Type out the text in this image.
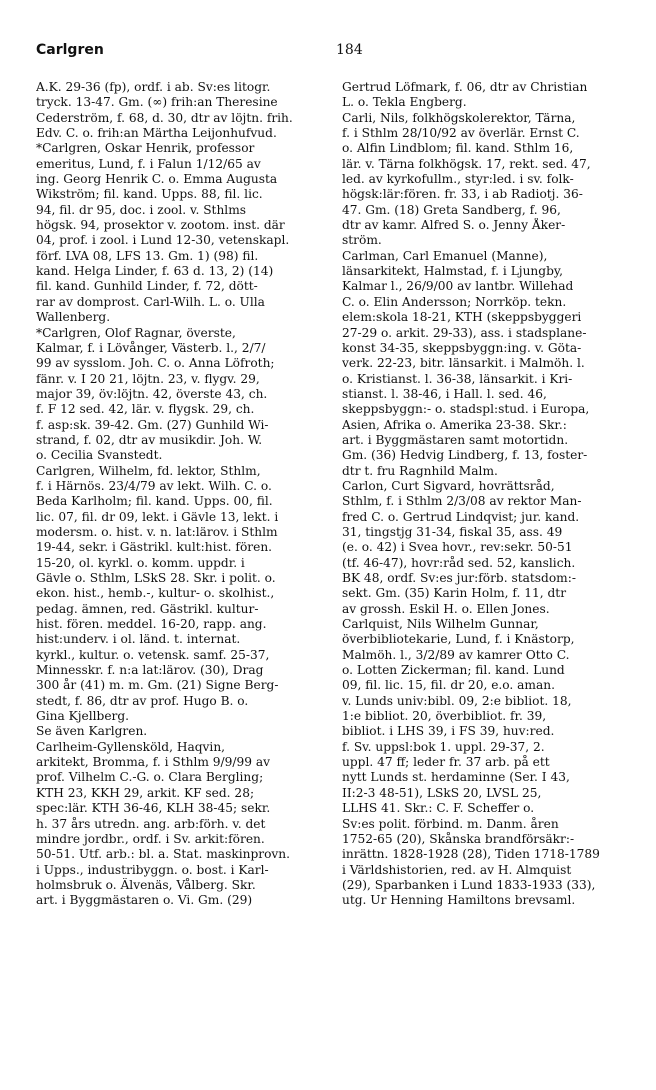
Carlgren	184
A.K. 29-36 (fp), ordf. i ab. Sv:es litogr.
tryck. 13-47. Gm. (∞) frih:an Theresine
Cederström, f. 68, d. 30, dtr av löjtn. frih.
Edv. C. o. frih:an Märtha Leijonhufvud.
*Carlgren, Oskar Henrik, professor
emeritus, Lund, f. i Falun 1/12/65 av
ing. Georg Henrik C. o. Emma Augusta
Wikström; fil. kand. Upps. 88, fil. lic.
94, fil. dr 95, doc. i zool. v. Sthlms
högsk. 94, prosektor v. zootom. inst. där
04, prof. i zool. i Lund 12-30, vetenskapl.
förf. LVA 08, LFS 13. Gm. 1) (98) fil.
kand. Helga Linder, f. 63 d. 13, 2) (14)
fil. kand. Gunhild Linder, f. 72, dött-
rar av domprost. Carl-Wilh. L. o. Ulla
Wallenberg.
*Carlgren, Olof Ragnar, överste,
Kalmar, f. i Lövånger, Västerb. l., 2/7/
99 av sysslom. Joh. C. o. Anna Löfroth;
fänr. v. I 20 21, löjtn. 23, v. flygv. 29,
major 39, öv:löjtn. 42, överste 43, ch.
f. F 12 sed. 42, lär. v. flygsk. 29, ch.
f. asp:sk. 39-42. Gm. (27) Gunhild Wi-
strand, f. 02, dtr av musikdir. Joh. W.
o. Cecilia Svanstedt.
Carlgren, Wilhelm, fd. lektor, Sthlm,
f. i Härnös. 23/4/79 av lekt. Wilh. C. o.
Beda Karlholm; fil. kand. Upps. 00, fil.
lic. 07, fil. dr 09, lekt. i Gävle 13, lekt. i
modersm. o. hist. v. n. lat:lärov. i Sthlm
19-44, sekr. i Gästrikl. kult:hist. fören.
15-20, ol. kyrkl. o. komm. uppdr. i
Gävle o. Sthlm, LSkS 28. Skr. i polit. o.
ekon. hist., hemb.-, kultur- o. skolhist.,
pedag. ämnen, red. Gästrikl. kultur-
hist. fören. meddel. 16-20, rapp. ang.
hist:underv. i ol. länd. t. internat.
kyrkl., kultur. o. vetensk. samf. 25-37,
Minnesskr. f. n:a lat:lärov. (30), Drag
300 år (41) m. m. Gm. (21) Signe Berg-
stedt, f. 86, dtr av prof. Hugo B. o.
Gina Kjellberg.
Se även Karlgren.
Carlheim-Gyllensköld, Haqvin,
arkitekt, Bromma, f. i Sthlm 9/9/99 av
prof. Vilhelm C.-G. o. Clara Bergling;
KTH 23, KKH 29, arkit. KF sed. 28;
spec:lär. KTH 36-46, KLH 38-45; sekr.
h. 37 års utredn. ang. arb:förh. v. det
mindre jordbr., ordf. i Sv. arkit:fören.
50-51. Utf. arb.: bl. a. Stat. maskinprovn.
i Upps., industribyggn. o. bost. i Karl-
holmsbruk o. Älvenäs, Vålberg. Skr.
art. i Byggmästaren o. Vi. Gm. (29)
Gertrud Löfmark, f. 06, dtr av Christian
L. o. Tekla Engberg.
Carli, Nils, folkhögskolerektor, Tärna,
f. i Sthlm 28/10/92 av överlär. Ernst C.
o. Alfin Lindblom; fil. kand. Sthlm 16,
lär. v. Tärna folkhögsk. 17, rekt. sed. 47,
led. av kyrkofullm., styr:led. i sv. folk-
högsk:lär:fören. fr. 33, i ab Radiotj. 36-
47. Gm. (18) Greta Sandberg, f. 96,
dtr av kamr. Alfred S. o. Jenny Åker-
ström.
Carlman, Carl Emanuel (Manne),
länsarkitekt, Halmstad, f. i Ljungby,
Kalmar l., 26/9/00 av lantbr. Willehad
C. o. Elin Andersson; Norrköp. tekn.
elem:skola 18-21, KTH (skeppsbyggeri
27-29 o. arkit. 29-33), ass. i stadsplane-
konst 34-35, skeppsbyggn:ing. v. Göta-
verk. 22-23, bitr. länsarkit. i Malmöh. l.
o. Kristianst. l. 36-38, länsarkit. i Kri-
stianst. l. 38-46, i Hall. l. sed. 46,
skeppsbyggn:- o. stadspl:stud. i Europa,
Asien, Afrika o. Amerika 23-38. Skr.:
art. i Byggmästaren samt motortidn.
Gm. (36) Hedvig Lindberg, f. 13, foster-
dtr t. fru Ragnhild Malm.
Carlon, Curt Sigvard, hovrättsråd,
Sthlm, f. i Sthlm 2/3/08 av rektor Man-
fred C. o. Gertrud Lindqvist; jur. kand.
31, tingstjg 31-34, fiskal 35, ass. 49
(e. o. 42) i Svea hovr., rev:sekr. 50-51
(tf. 46-47), hovr:råd sed. 52, kanslich.
BK 48, ordf. Sv:es jur:förb. statsdom:-
sekt. Gm. (35) Karin Holm, f. 11, dtr
av grossh. Eskil H. o. Ellen Jones.
Carlquist, Nils Wilhelm Gunnar,
överbibliotekarie, Lund, f. i Knästorp,
Malmöh. l., 3/2/89 av kamrer Otto C.
o. Lotten Zickerman; fil. kand. Lund
09, fil. lic. 15, fil. dr 20, e.o. aman.
v. Lunds univ:bibl. 09, 2:e bibliot. 18,
1:e bibliot. 20, överbibliot. fr. 39,
bibliot. i LHS 39, i FS 39, huv:red.
f. Sv. uppsl:bok 1. uppl. 29-37, 2.
uppl. 47 ff; leder fr. 37 arb. på ett
nytt Lunds st. herdaminne (Ser. I 43,
II:2-3 48-51), LSkS 20, LVSL 25,
LLHS 41. Skr.: C. F. Scheffer o.
Sv:es polit. förbind. m. Danm. åren
1752-65 (20), Skånska brandförsäkr:-
inrättn. 1828-1928 (28), Tiden 1718-1789
i Världshistorien, red. av H. Almquist
(29), Sparbanken i Lund 1833-1933 (33),
utg. Ur Henning Hamiltons brevsaml.
